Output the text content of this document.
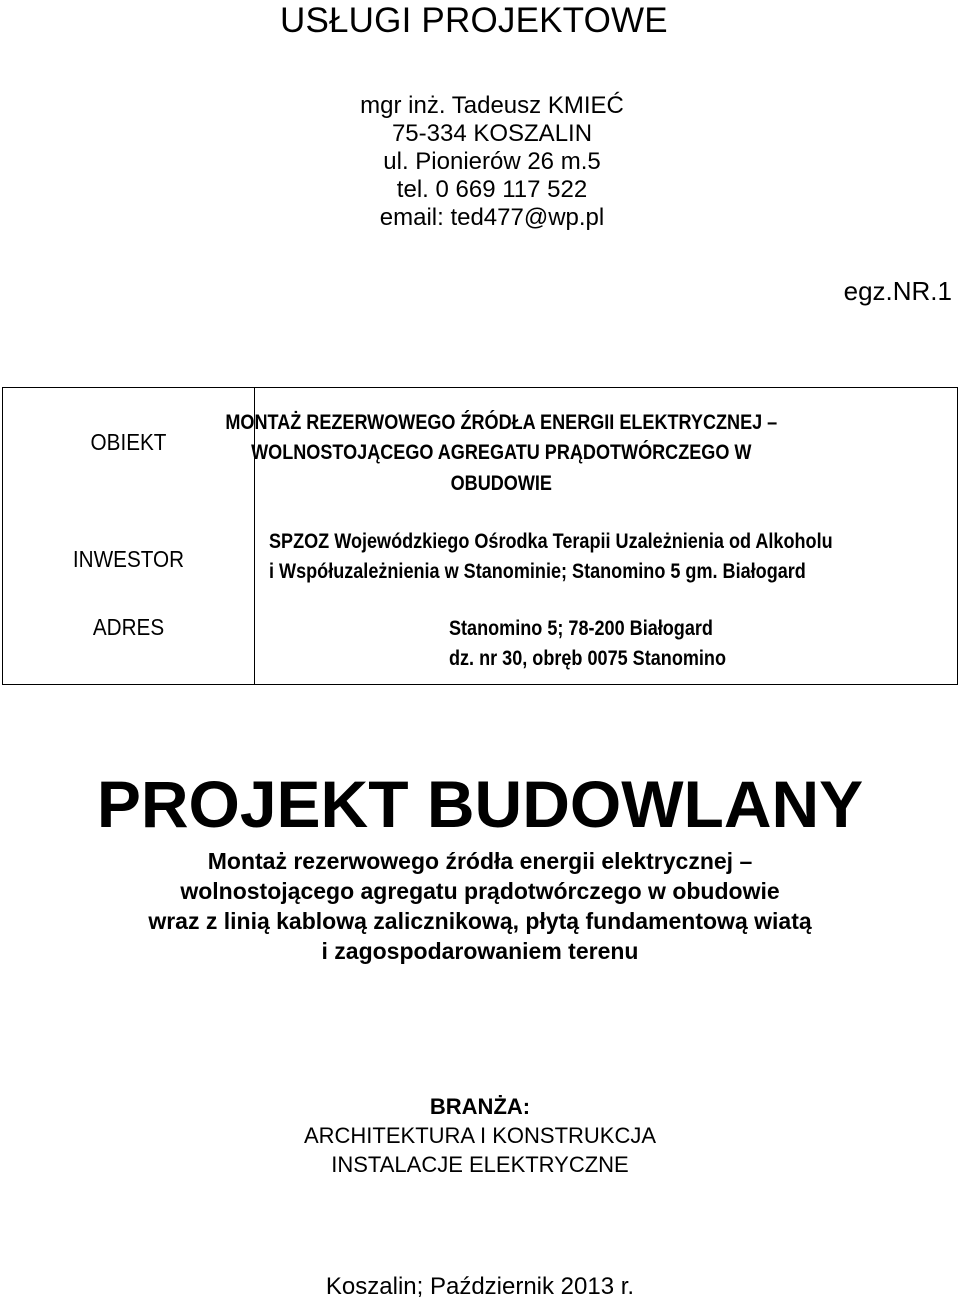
USŁUGI PROJEKTOWE
mgr inż. Tadeusz KMIEĆ
75-334 KOSZALIN
ul. Pionierów 26 m.5
tel. 0 669 117 522
email: ted477@wp.pl
egz.NR.1
OBIEKT
MONTAŻ REZERWOWEGO ŹRÓDŁA ENERGII ELEKTRYCZNEJ –
WOLNOSTOJĄCEGO AGREGATU PRĄDOTWÓRCZEGO W
OBUDOWIE
INWESTOR
SPZOZ Wojewódzkiego Ośrodka Terapii Uzależnienia od Alkoholu
i Współuzależnienia w Stanominie; Stanomino 5 gm. Białogard
ADRES	Stanomino 5; 78-200 Białogard
dz. nr 30, obręb 0075 Stanomino
PROJEKT BUDOWLANY
Montaż rezerwowego źródła energii elektrycznej –
wolnostojącego agregatu prądotwórczego w obudowie
wraz z linią kablową zalicznikową, płytą fundamentową wiatą
i zagospodarowaniem terenu
BRANŻA:
ARCHITEKTURA I KONSTRUKCJA
INSTALACJE ELEKTRYCZNE
Koszalin; Październik 2013 r.
